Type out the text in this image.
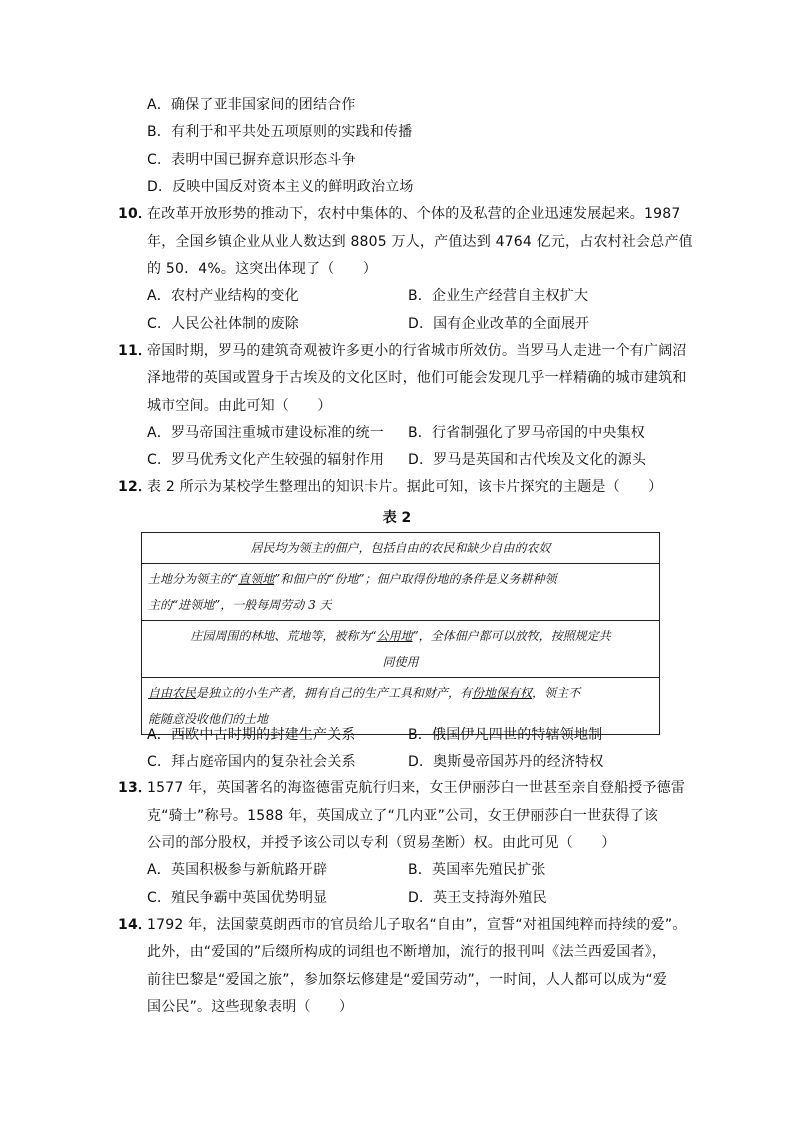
A．确保了亚非国家间的团结合作
B．有利于和平共处五项原则的实践和传播
C．表明中国已摒弃意识形态斗争
D．反映中国反对资本主义的鲜明政治立场
10．
在改革开放形势的推动下，农村中集体的、个体的及私营的企业迅速发展起来。1987
年，全国乡镇企业从业人数达到 8805 万人，产值达到 4764 亿元，占农村社会总产值
的 50．4%。这突出体现了（　　）
A．农村产业结构的变化	B．企业生产经营自主权扩大
C．人民公社体制的废除	D．国有企业改革的全面展开
11．
帝国时期，罗马的建筑奇观被许多更小的行省城市所效仿。当罗马人走进一个有广阔沼
泽地带的英国或置身于古埃及的文化区时，他们可能会发现几乎一样精确的城市建筑和
城市空间。由此可知（　　）
A．罗马帝国注重城市建设标准的统一 B．行省制强化了罗马帝国的中央集权
C．罗马优秀文化产生较强的辐射作用 D．罗马是英国和古代埃及文化的源头
12．
表 2 所示为某校学生整理出的知识卡片。据此可知，该卡片探究的主题是（　　）
表 2
居民均为领主的佃户，包括自由的农民和缺少自由的农奴
土地分为领主的“直领地”和佃户的“份地”；佃户取得份地的条件是义务耕种领
主的“进领地”，一般每周劳动 3 天
庄园周围的林地、荒地等，被称为“公用地”，全体佃户都可以放牧，按照规定共
同使用
自由农民是独立的小生产者，拥有自己的生产工具和财产，有份地保有权，领主不
能随意没收他们的土地
A．西欧中古时期的封建生产关系	B．俄国伊凡四世的特辖领地制
C．拜占庭帝国内的复杂社会关系	D．奥斯曼帝国苏丹的经济特权
13．
1577 年，英国著名的海盗德雷克航行归来，女王伊丽莎白一世甚至亲自登船授予德雷
克“骑士”称号。1588 年，英国成立了“几内亚”公司，女王伊丽莎白一世获得了该
公司的部分股权，并授予该公司以专利（贸易垄断）权。由此可见（　　）
A．英国积极参与新航路开辟	B．英国率先殖民扩张
C．殖民争霸中英国优势明显	D．英王支持海外殖民
14．
1792 年，法国蒙莫朗西市的官员给儿子取名“自由”，宣誓“对祖国纯粹而持续的爱”。
此外，由“爱国的”后缀所构成的词组也不断增加，流行的报刊叫《法兰西爱国者》，
前往巴黎是“爱国之旅”，参加祭坛修建是“爱国劳动”，一时间，人人都可以成为“爱
国公民”。这些现象表明（　　）
